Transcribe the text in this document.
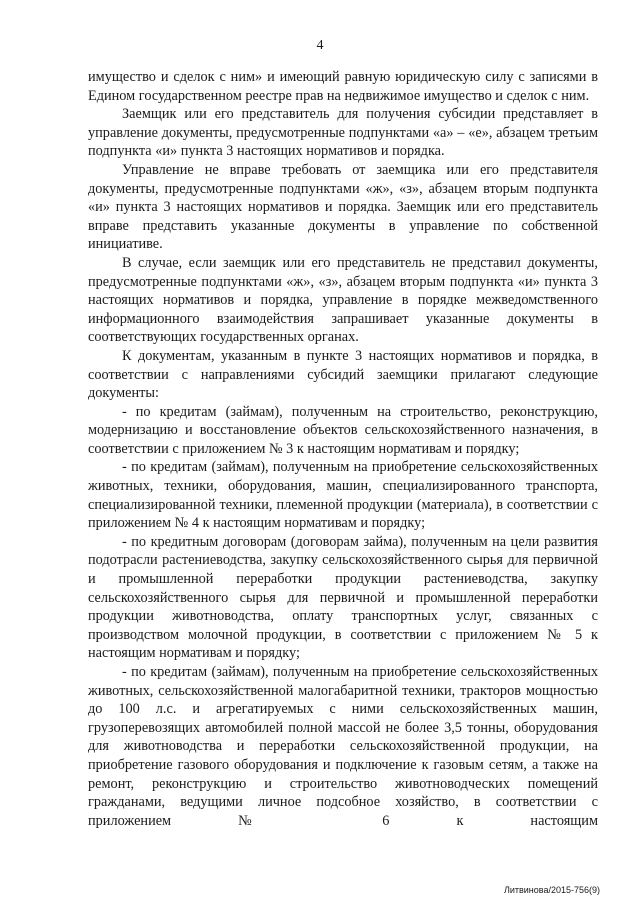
4

имущество и сделок с ним» и имеющий равную юридическую силу с записями в Едином государственном реестре прав на недвижимое имущество и сделок с ним.

Заемщик или его представитель для получения субсидии представляет в управление документы, предусмотренные подпунктами «а» – «е», абзацем третьим подпункта «и» пункта 3 настоящих нормативов и порядка.

Управление не вправе требовать от заемщика или его представителя документы, предусмотренные подпунктами «ж», «з», абзацем вторым подпункта «и» пункта 3 настоящих нормативов и порядка. Заемщик или его представитель вправе представить указанные документы в управление по собственной инициативе.

В случае, если заемщик или его представитель не представил документы, предусмотренные подпунктами «ж», «з», абзацем вторым подпункта «и» пункта 3 настоящих нормативов и порядка, управление в порядке межведомственного информационного взаимодействия запрашивает указанные документы в соответствующих государственных органах.

К документам, указанным в пункте 3 настоящих нормативов и порядка, в соответствии с направлениями субсидий заемщики прилагают следующие документы:

- по кредитам (займам), полученным на строительство, реконструкцию, модернизацию и восстановление объектов сельскохозяйственного назначения, в соответствии с приложением № 3 к настоящим нормативам и порядку;

- по кредитам (займам), полученным на приобретение сельскохозяйственных животных, техники, оборудования, машин, специализированного транспорта, специализированной техники, племенной продукции (материала), в соответствии с приложением № 4 к настоящим нормативам и порядку;

- по кредитным договорам (договорам займа), полученным на цели развития подотрасли растениеводства, закупку сельскохозяйственного сырья для первичной и промышленной переработки продукции растениеводства, закупку сельскохозяйственного сырья для первичной и промышленной переработки продукции животноводства, оплату транспортных услуг, связанных с производством молочной продукции, в соответствии с приложением № 5 к настоящим нормативам и порядку;

- по кредитам (займам), полученным на приобретение сельскохозяйственных животных, сельскохозяйственной малогабаритной техники, тракторов мощностью до 100 л.с. и агрегатируемых с ними сельскохозяйственных машин, грузоперевозящих автомобилей полной массой не более 3,5 тонны, оборудования для животноводства и переработки сельскохозяйственной продукции, на приобретение газового оборудования и подключение к газовым сетям, а также на ремонт, реконструкцию и строительство животноводческих помещений гражданами, ведущими личное подсобное хозяйство, в соответствии с приложением № 6 к настоящим

Литвинова/2015-756(9)
